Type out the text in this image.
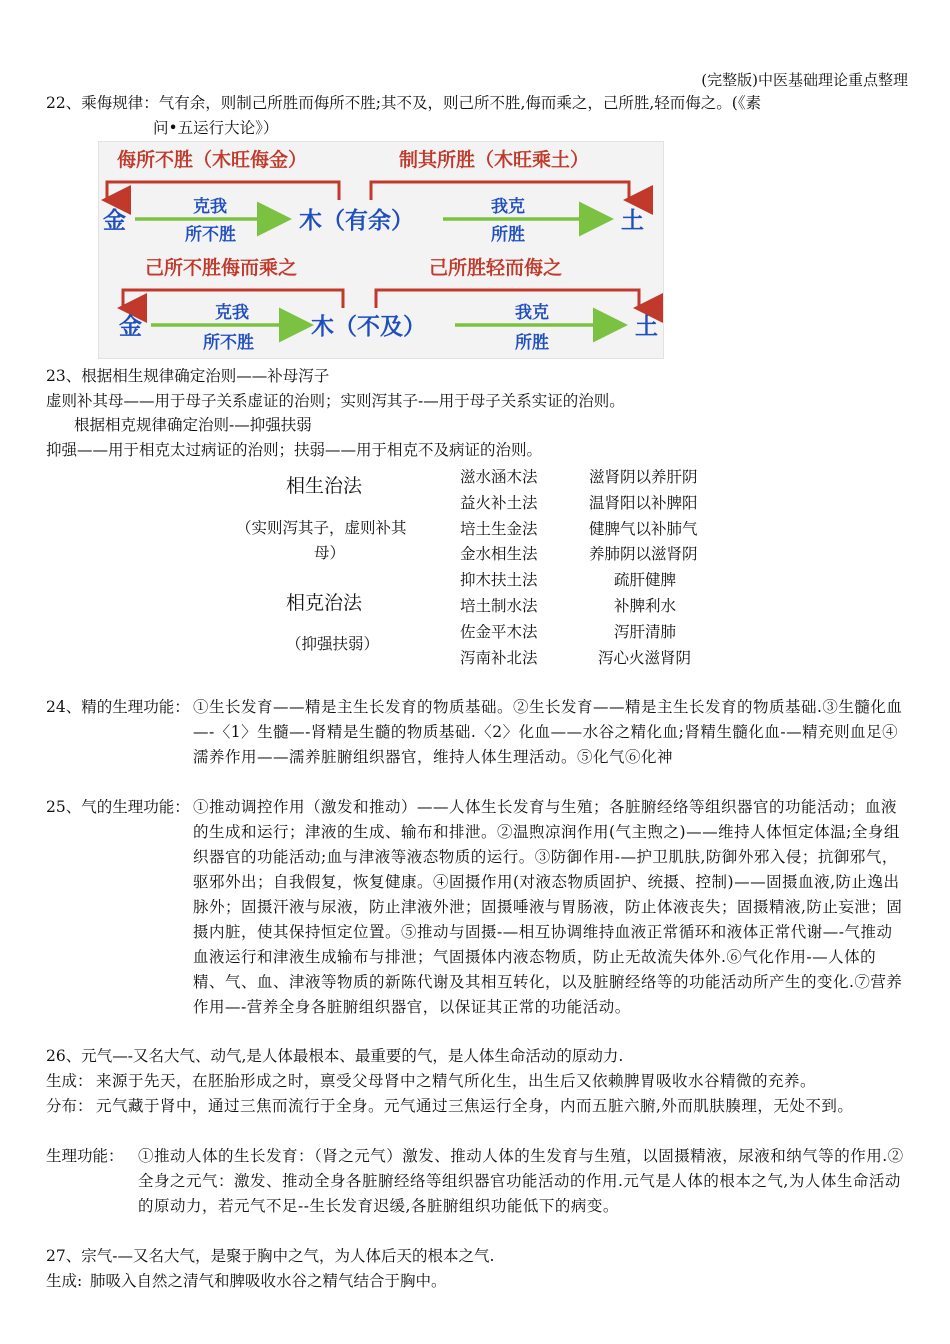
(完整版)中医基础理论重点整理
22、乘侮规律：气有余，则制己所胜而侮所不胜;其不及，则己所不胜,侮而乘之，己所胜,轻而侮之。(《素
问•五运行大论》）
侮所不胜（木旺侮金）	制其所胜（木旺乘土）
金	木（有余）	土
克我
所不胜
我克
所胜
己所不胜侮而乘之	己所胜轻而侮之
金	木（不及）	土
克我
所不胜
我克
所胜
23、根据相生规律确定治则——补母泻子
虚则补其母——用于母子关系虚证的治则；实则泻其子-—用于母子关系实证的治则。
根据相克规律确定治则-—抑强扶弱
抑强——用于相克太过病证的治则；扶弱——用于相克不及病证的治则。
相生治法
（实则泻其子，虚则补其
母）
相克治法
（抑强扶弱）
滋水涵木法	滋肾阴以养肝阴
益火补土法	温肾阳以补脾阳
培土生金法	健脾气以补肺气
金水相生法	养肺阴以滋肾阴
抑木扶土法	疏肝健脾
培土制水法	补脾利水
佐金平木法	泻肝清肺
泻南补北法	泻心火滋肾阴
24、精的生理功能： ①生长发育——精是主生长发育的物质基础。②生长发育——精是主生长发育的物质基础.③生髓化血—-〈1〉生髓—-肾精是生髓的物质基础.〈2〉化血——水谷之精化血;肾精生髓化血-—精充则血足④濡养作用——濡养脏腑组织器官，维持人体生理活动。⑤化气⑥化神
25、气的生理功能： ①推动调控作用（激发和推动）——人体生长发育与生殖；各脏腑经络等组织器官的功能活动；血液的生成和运行；津液的生成、输布和排泄。②温煦凉润作用(气主煦之)——维持人体恒定体温;全身组织器官的功能活动;血与津液等液态物质的运行。③防御作用-—护卫肌肤,防御外邪入侵；抗御邪气，驱邪外出；自我假复，恢复健康。④固摄作用(对液态物质固护、统摄、控制)——固摄血液,防止逸出脉外；固摄汗液与尿液，防止津液外泄；固摄唾液与胃肠液，防止体液丧失；固摄精液,防止妄泄；固摄内脏，使其保持恒定位置。⑤推动与固摄-—相互协调维持血液正常循环和液体正常代谢—-气推动血液运行和津液生成输布与排泄；气固摄体内液态物质，防止无故流失体外.⑥气化作用-—人体的精、气、血、津液等物质的新陈代谢及其相互转化，以及脏腑经络等的功能活动所产生的变化.⑦营养作用—-营养全身各脏腑组织器官，以保证其正常的功能活动。
26、元气—-又名大气、动气,是人体最根本、最重要的气，是人体生命活动的原动力.
生成： 来源于先天，在胚胎形成之时，禀受父母肾中之精气所化生，出生后又依赖脾胃吸收水谷精微的充养。
分布： 元气藏于肾中，通过三焦而流行于全身。元气通过三焦运行全身，内而五脏六腑,外而肌肤腠理，无处不到。
生理功能： ①推动人体的生长发育：（肾之元气）激发、推动人体的生发育与生殖，以固摄精液，尿液和纳气等的作用.②全身之元气：激发、推动全身各脏腑经络等组织器官功能活动的作用.元气是人体的根本之气,为人体生命活动的原动力，若元气不足--生长发育迟缓,各脏腑组织功能低下的病变。
27、宗气-—又名大气，是聚于胸中之气，为人体后天的根本之气.
生成: 肺吸入自然之清气和脾吸收水谷之精气结合于胸中。
